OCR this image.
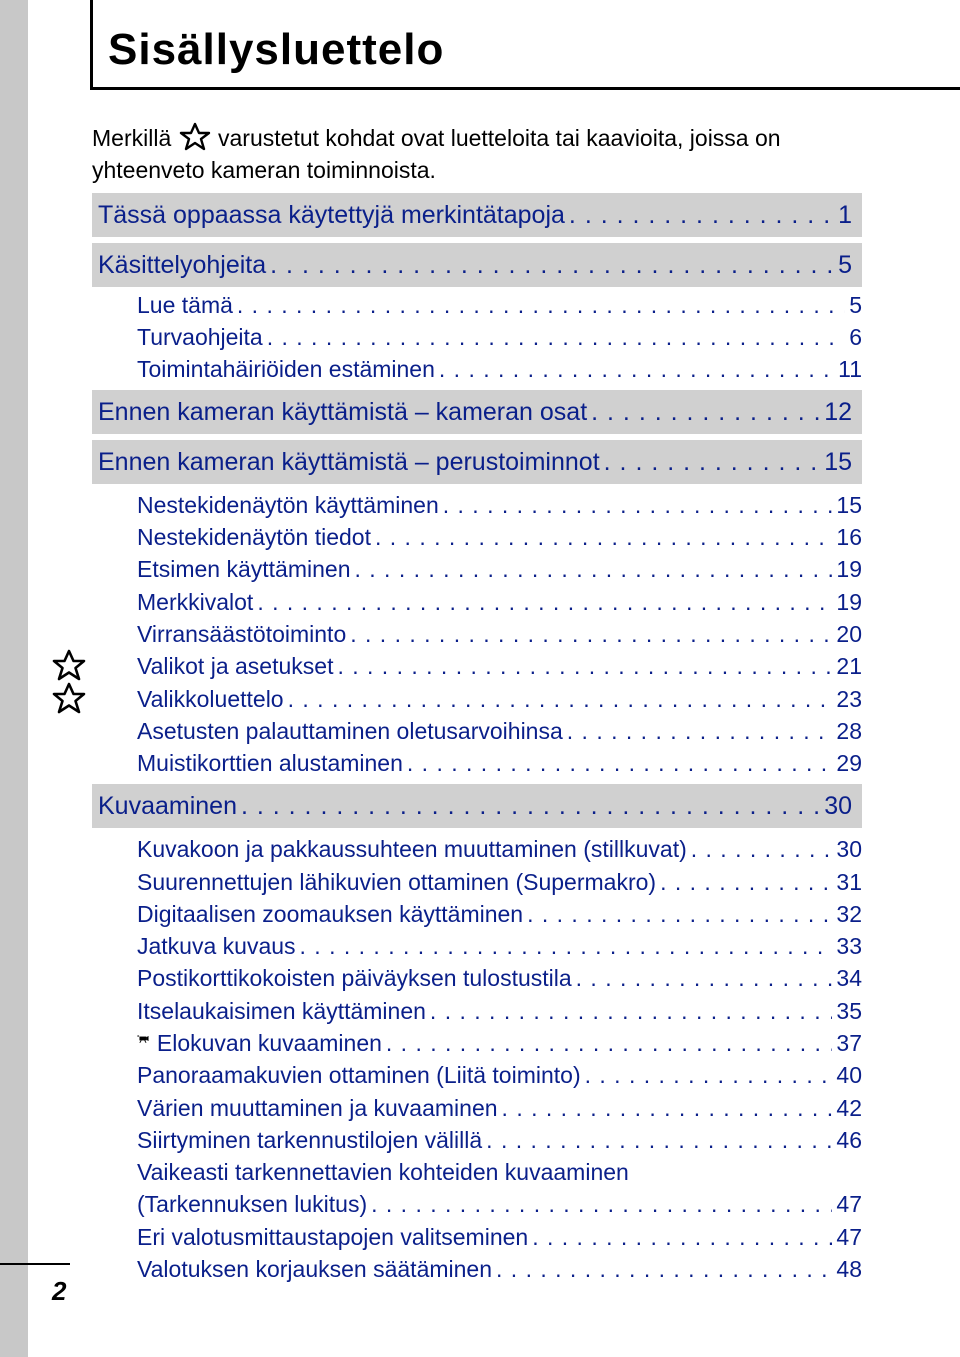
2
Sisällysluettelo
Merkillä  varustetut kohdat ovat luetteloita tai kaavioita, joissa on yhteenveto kameran toiminnoista.
Tässä oppaassa käytettyjä merkintätapoja . . .	1
Käsittelyohjeita . . .	5
Lue tämä . . .	5
Turvaohjeita . . .	6
Toimintahäiriöiden estäminen . . .	11
Ennen kameran käyttämistä – kameran osat . . .	12
Ennen kameran käyttämistä – perustoiminnot . . .	15
Nestekidenäytön käyttäminen . . .	15
Nestekidenäytön tiedot . . .	16
Etsimen käyttäminen . . .	19
Merkkivalot . . .	19
Virransäästötoiminto . . .	20
Valikot ja asetukset . . .	21
Valikkoluettelo . . .	23
Asetusten palauttaminen oletusarvoihinsa . . .	28
Muistikorttien alustaminen . . .	29
Kuvaaminen . . .	30
Kuvakoon ja pakkaussuhteen muuttaminen (stillkuvat) . . .	30
Suurennettujen lähikuvien ottaminen (Supermakro) . . .	31
Digitaalisen zoomauksen käyttäminen . . .	32
Jatkuva kuvaus . . .	33
Postikorttikokoisten päiväyksen tulostustila . . .	34
Itselaukaisimen käyttäminen . . .	35
Elokuvan kuvaaminen . . .	37
Panoraamakuvien ottaminen (Liitä toiminto) . . .	40
Värien muuttaminen ja kuvaaminen . . .	42
Siirtyminen tarkennustilojen välillä . . .	46
Vaikeasti tarkennettavien kohteiden kuvaaminen
(Tarkennuksen lukitus) . . .	47
Eri valotusmittaustapojen valitseminen . . .	47
Valotuksen korjauksen säätäminen . . .	48
